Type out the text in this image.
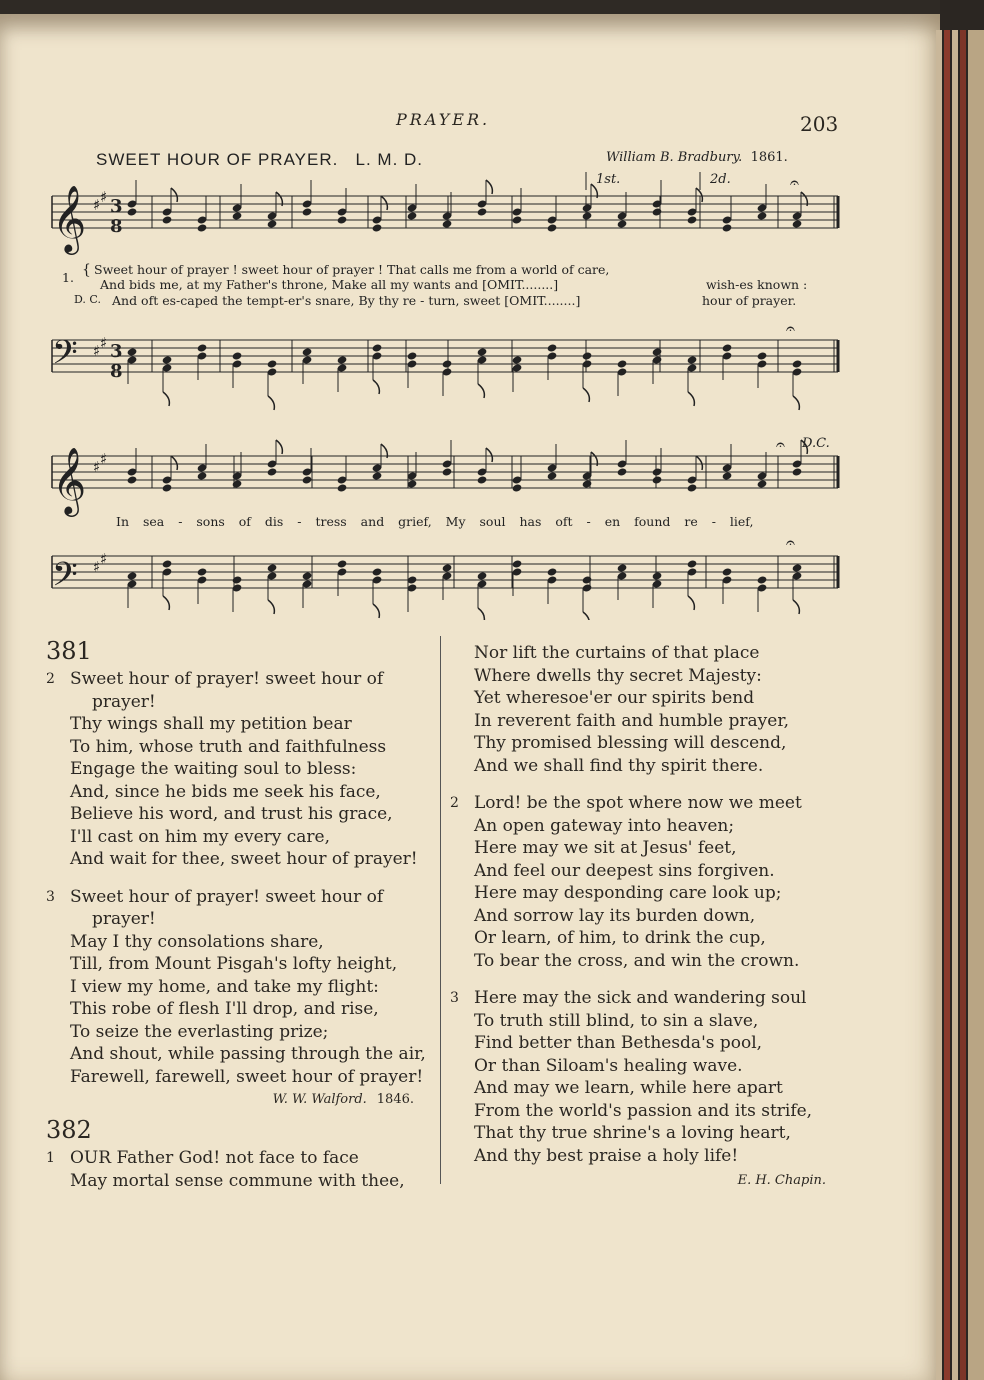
PRAYER.	203
SWEET HOUR OF PRAYER. L. M. D.	William B. Bradbury. 1861.
1st.	2d.
D.C.
𝄞
𝄢
𝄞
𝄢
♯ ♯
♯ ♯
♯ ♯
♯ ♯
3
8
3
8
𝄐
𝄐
𝄐
𝄐
1. { Sweet hour of prayer ! sweet hour of prayer ! That calls me from a world of care,
And bids me, at my Father's throne, Make all my wants and [OMIT........]	wish-es known :
D. C. And oft es-caped the tempt-er's snare, By thy re - turn, sweet [OMIT........]	hour of prayer.
In sea - sons of dis - tress and grief, My soul has oft - en found re - lief,
381
2 Sweet hour of prayer! sweet hour of
prayer!
Thy wings shall my petition bear
To him, whose truth and faithfulness
Engage the waiting soul to bless:
And, since he bids me seek his face,
Believe his word, and trust his grace,
I'll cast on him my every care,
And wait for thee, sweet hour of prayer!
3 Sweet hour of prayer! sweet hour of
prayer!
May I thy consolations share,
Till, from Mount Pisgah's lofty height,
I view my home, and take my flight:
This robe of flesh I'll drop, and rise,
To seize the everlasting prize;
And shout, while passing through the air,
Farewell, farewell, sweet hour of prayer!
W. W. Walford. 1846.
382
1 OUR Father God! not face to face
May mortal sense commune with thee,
Nor lift the curtains of that place
Where dwells thy secret Majesty:
Yet wheresoe'er our spirits bend
In reverent faith and humble prayer,
Thy promised blessing will descend,
And we shall find thy spirit there.
2 Lord! be the spot where now we meet
An open gateway into heaven;
Here may we sit at Jesus' feet,
And feel our deepest sins forgiven.
Here may desponding care look up;
And sorrow lay its burden down,
Or learn, of him, to drink the cup,
To bear the cross, and win the crown.
3 Here may the sick and wandering soul
To truth still blind, to sin a slave,
Find better than Bethesda's pool,
Or than Siloam's healing wave.
And may we learn, while here apart
From the world's passion and its strife,
That thy true shrine's a loving heart,
And thy best praise a holy life!
E. H. Chapin.
